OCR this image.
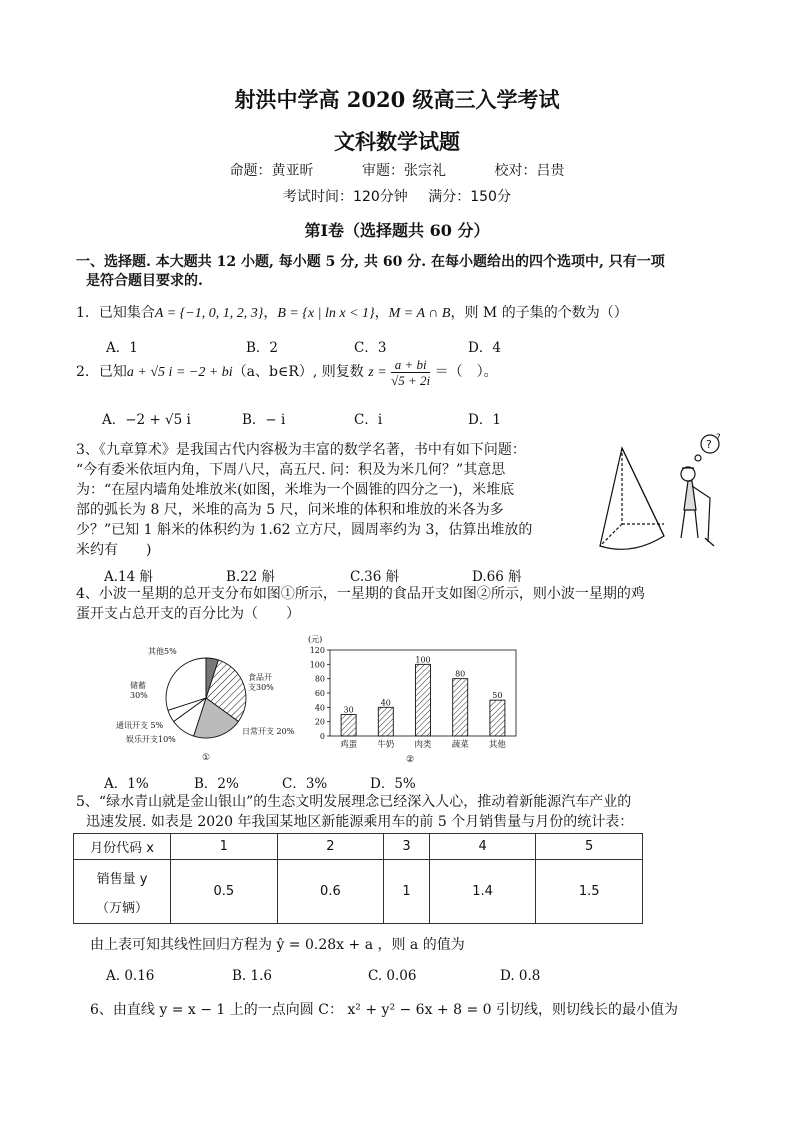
射洪中学高 2020 级高三入学考试
文科数学试题
命题：黄亚昕	审题：张宗礼	校对：吕贵
考试时间：120分钟 满分：150分
第Ⅰ卷（选择题共 60 分）
一、选择题. 本大题共 12 小题, 每小题 5 分, 共 60 分. 在每小题给出的四个选项中, 只有一项
是符合题目要求的.
1．已知集合A = {−1, 0, 1, 2, 3}，B = {x | ln x < 1}，M = A ∩ B，则 M 的子集的个数为（）
A．1	B．2	C．3	D．4
2．已知a + √5 i = −2 + bi（a、b∈R）, 则复数 $z = \frac{a + bi}{√5 + 2i}$ ＝（　）。
A．−2 + √5 i	B．− i	C．i	D．1
3、《九章算术》是我国古代内容极为丰富的数学名著，书中有如下问题：
“今有委米依垣内角，下周八尺，高五尺. 问：积及为米几何？”其意思
为：“在屋内墙角处堆放米(如图，米堆为一个圆锥的四分之一)，米堆底
部的弧长为 8 尺，米堆的高为 5 尺，问米堆的体积和堆放的米各为多
少？”已知 1 斛米的体积约为 1.62 立方尺，圆周率约为 3，估算出堆放的
米约有　　)
? ?
A.14 斛	B.22 斛	C.36 斛	D.66 斛
4、小波一星期的总开支分布如图①所示，一星期的食品开支如图②所示，则小波一星期的鸡
蛋开支占总开支的百分比为（　　）
其他5%
食品开
支30%
储蓄
30%
通讯开支 5%
娱乐开支10%
日常开支 20%
①
(元)
0
20
40
60
80
100
120
30
鸡蛋
40
牛奶
100
肉类
80
蔬菜
50
其他
②
A．1%	B．2%	C．3%	D．5%
5、“绿水青山就是金山银山”的生态文明发展理念已经深入人心，推动着新能源汽车产业的
迅速发展. 如表是 2020 年我国某地区新能源乘用车的前 5 个月销售量与月份的统计表：
月份代码 x	1	2	3	4	5

销售量 y
（万辆）	0.5	0.6	1	1.4	1.5
由上表可知其线性回归方程为 ŷ = 0.28x + a ，则 a 的值为
A. 0.16	B. 1.6	C. 0.06	D. 0.8
6、由直线 y = x − 1 上的一点向圆 C： x² + y² − 6x + 8 = 0 引切线，则切线长的最小值为
